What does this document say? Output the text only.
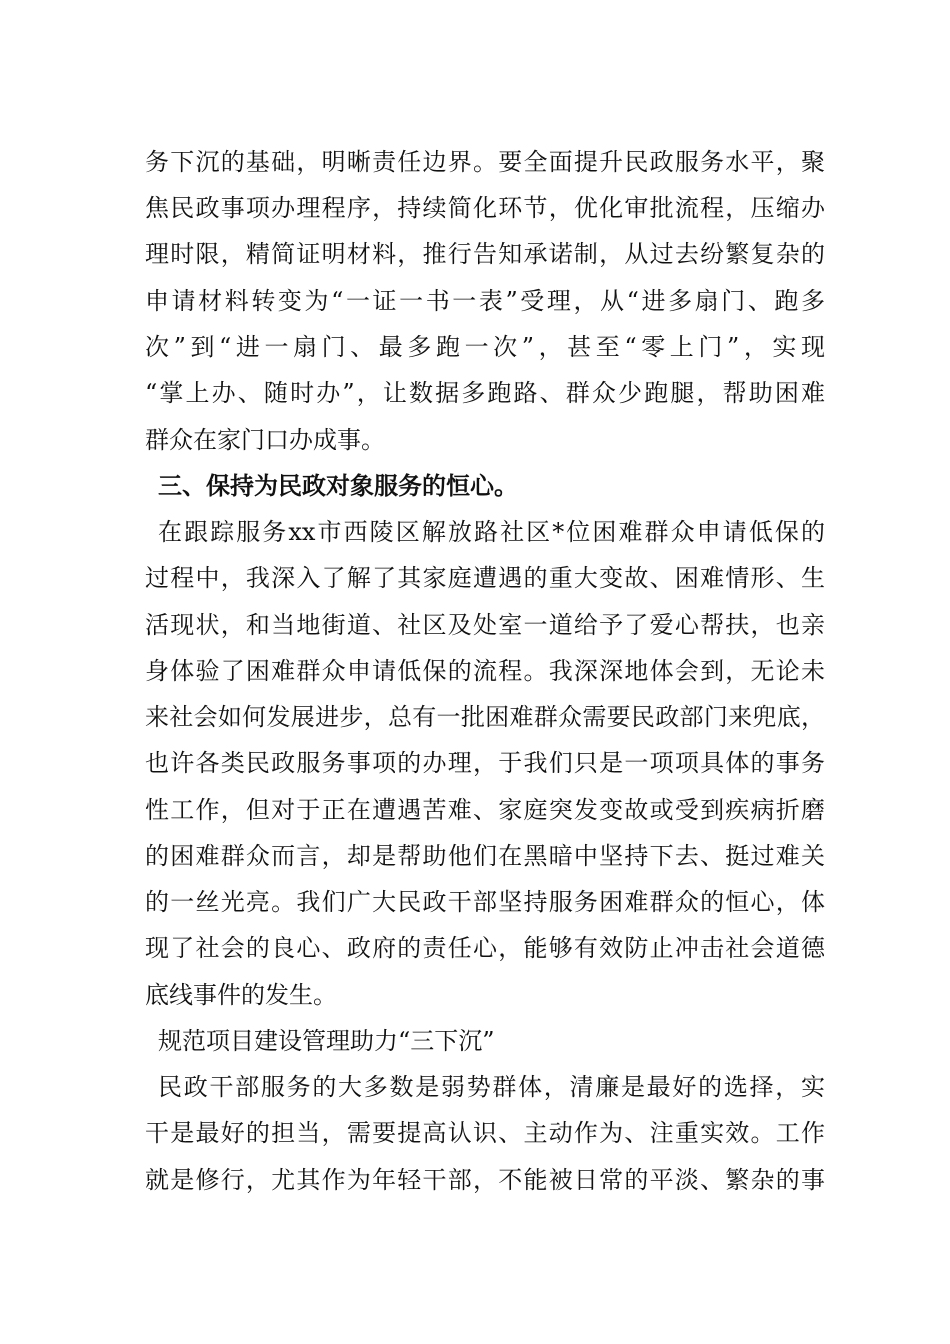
务下沉的基础，明晰责任边界。要全面提升民政服务水平，聚
焦民政事项办理程序，持续简化环节，优化审批流程，压缩办
理时限，精简证明材料，推行告知承诺制，从过去纷繁复杂的
申请材料转变为“一证一书一表”受理，从“进多扇门、跑多
次”到“进一扇门、最多跑一次”，甚至“零上门”，实现
“掌上办、随时办”，让数据多跑路、群众少跑腿，帮助困难
群众在家门口办成事。
三、保持为民政对象服务的恒心。
在跟踪服务xx市西陵区解放路社区*位困难群众申请低保的
过程中，我深入了解了其家庭遭遇的重大变故、困难情形、生
活现状，和当地街道、社区及处室一道给予了爱心帮扶，也亲
身体验了困难群众申请低保的流程。我深深地体会到，无论未
来社会如何发展进步，总有一批困难群众需要民政部门来兜底，
也许各类民政服务事项的办理，于我们只是一项项具体的事务
性工作，但对于正在遭遇苦难、家庭突发变故或受到疾病折磨
的困难群众而言，却是帮助他们在黑暗中坚持下去、挺过难关
的一丝光亮。我们广大民政干部坚持服务困难群众的恒心，体
现了社会的良心、政府的责任心，能够有效防止冲击社会道德
底线事件的发生。
规范项目建设管理助力“三下沉”
民政干部服务的大多数是弱势群体，清廉是最好的选择，实
干是最好的担当，需要提高认识、主动作为、注重实效。工作
就是修行，尤其作为年轻干部，不能被日常的平淡、繁杂的事
